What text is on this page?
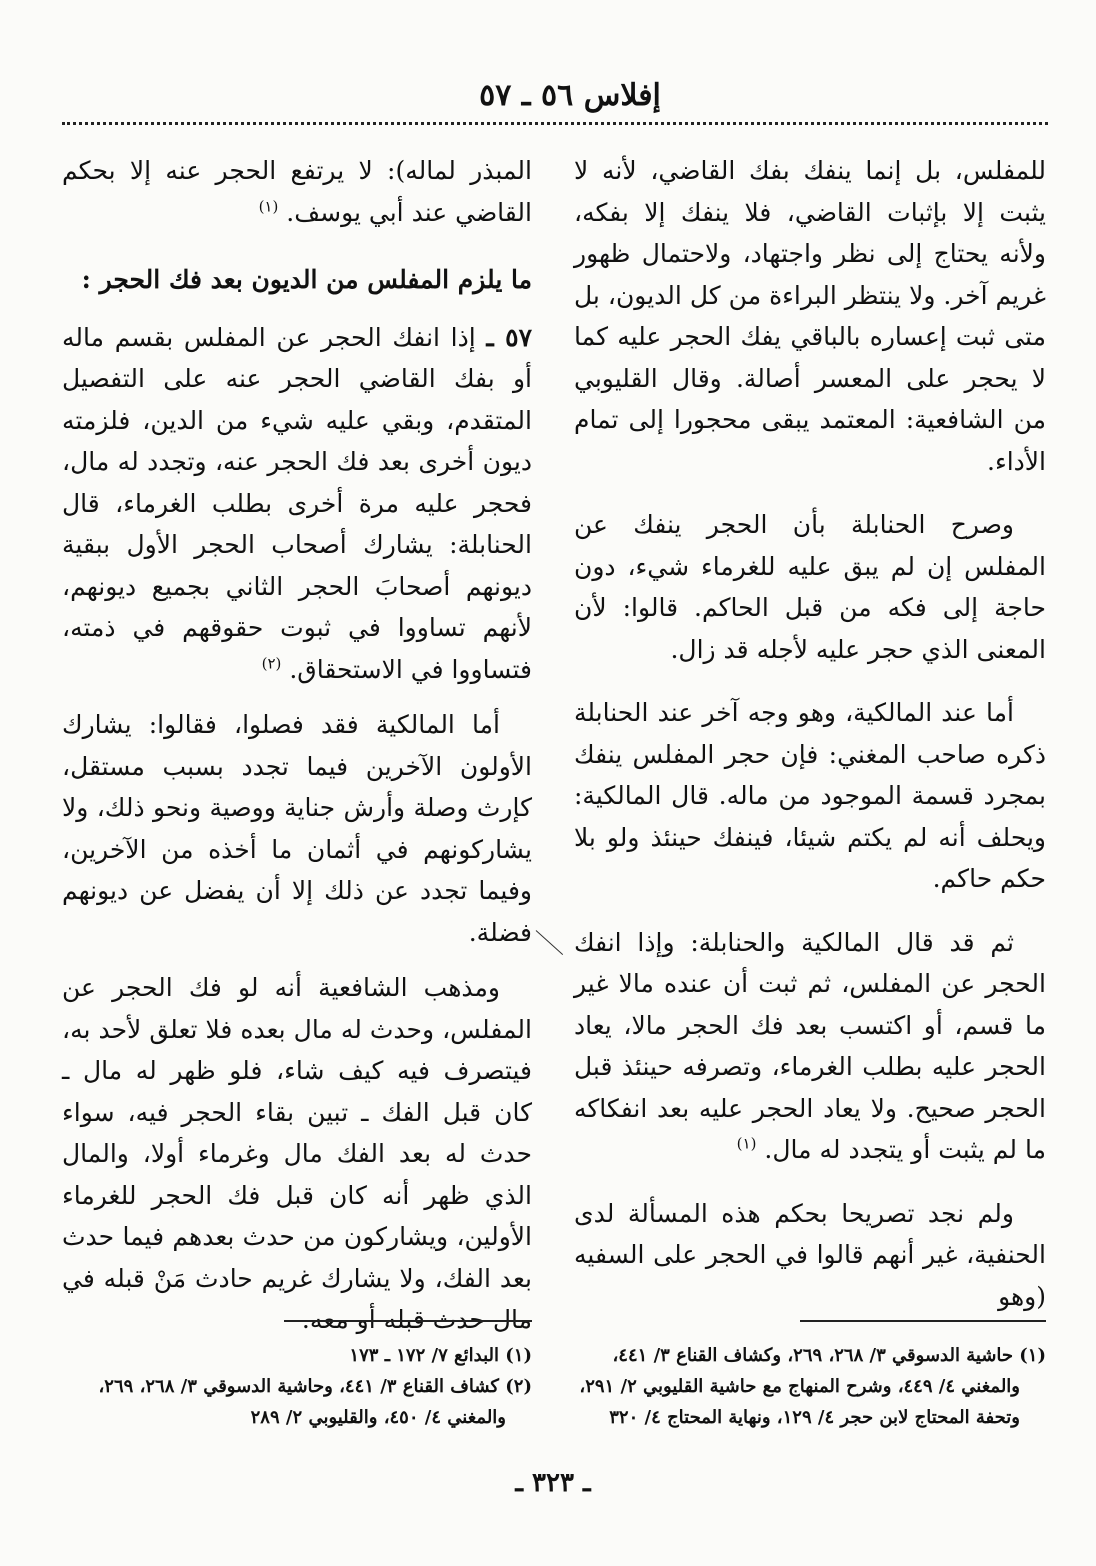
إفلاس ٥٦ ـ ٥٧

للمفلس، بل إنما ينفك بفك القاضي، لأنه لا يثبت إلا بإثبات القاضي، فلا ينفك إلا بفكه، ولأنه يحتاج إلى نظر واجتهاد، ولاحتمال ظهور غريم آخر. ولا ينتظر البراءة من كل الديون، بل متى ثبت إعساره بالباقي يفك الحجر عليه كما لا يحجر على المعسر أصالة. وقال القليوبي من الشافعية: المعتمد يبقى محجورا إلى تمام الأداء.

وصرح الحنابلة بأن الحجر ينفك عن المفلس إن لم يبق عليه للغرماء شيء، دون حاجة إلى فكه من قبل الحاكم. قالوا: لأن المعنى الذي حجر عليه لأجله قد زال.

أما عند المالكية، وهو وجه آخر عند الحنابلة ذكره صاحب المغني: فإن حجر المفلس ينفك بمجرد قسمة الموجود من ماله. قال المالكية: ويحلف أنه لم يكتم شيئا، فينفك حينئذ ولو بلا حكم حاكم.

ثم قد قال المالكية والحنابلة: وإذا انفك الحجر عن المفلس، ثم ثبت أن عنده مالا غير ما قسم، أو اكتسب بعد فك الحجر مالا، يعاد الحجر عليه بطلب الغرماء، وتصرفه حينئذ قبل الحجر صحيح. ولا يعاد الحجر عليه بعد انفكاكه ما لم يثبت أو يتجدد له مال. $^{(١)}$

ولم نجد تصريحا بحكم هذه المسألة لدى الحنفية، غير أنهم قالوا في الحجر على السفيه (وهو

المبذر لماله): لا يرتفع الحجر عنه إلا بحكم القاضي عند أبي يوسف. $^{(١)}$

ما يلزم المفلس من الديون بعد فك الحجر :

٥٧ ـ إذا انفك الحجر عن المفلس بقسم ماله أو بفك القاضي الحجر عنه على التفصيل المتقدم، وبقي عليه شيء من الدين، فلزمته ديون أخرى بعد فك الحجر عنه، وتجدد له مال، فحجر عليه مرة أخرى بطلب الغرماء، قال الحنابلة: يشارك أصحاب الحجر الأول ببقية ديونهم أصحابَ الحجر الثاني بجميع ديونهم، لأنهم تساووا في ثبوت حقوقهم في ذمته، فتساووا في الاستحقاق. $^{(٢)}$

أما المالكية فقد فصلوا، فقالوا: يشارك الأولون الآخرين فيما تجدد بسبب مستقل، كإرث وصلة وأرش جناية ووصية ونحو ذلك، ولا يشاركونهم في أثمان ما أخذه من الآخرين، وفيما تجدد عن ذلك إلا أن يفضل عن ديونهم فضلة.

ومذهب الشافعية أنه لو فك الحجر عن المفلس، وحدث له مال بعده فلا تعلق لأحد به، فيتصرف فيه كيف شاء، فلو ظهر له مال ـ كان قبل الفك ـ تبين بقاء الحجر فيه، سواء حدث له بعد الفك مال وغرماء أولا، والمال الذي ظهر أنه كان قبل فك الحجر للغرماء الأولين، ويشاركون من حدث بعدهم فيما حدث بعد الفك، ولا يشارك غريم حادث مَنْ قبله في مال حدث قبله أو معه.

(١) حاشية الدسوقي ٣/ ٢٦٨، ٢٦٩، وكشاف القناع ٣/ ٤٤١،

والمغني ٤/ ٤٤٩، وشرح المنهاج مع حاشية القليوبي ٢/ ٢٩١،

وتحفة المحتاج لابن حجر ٤/ ١٢٩، ونهاية المحتاج ٤/ ٣٢٠

(١) البدائع ٧/ ١٧٢ ـ ١٧٣

(٢) كشاف القناع ٣/ ٤٤١، وحاشية الدسوقي ٣/ ٢٦٨، ٢٦٩،

والمغني ٤/ ٤٥٠، والقليوبي ٢/ ٢٨٩

ـ ٣٢٣ ـ
